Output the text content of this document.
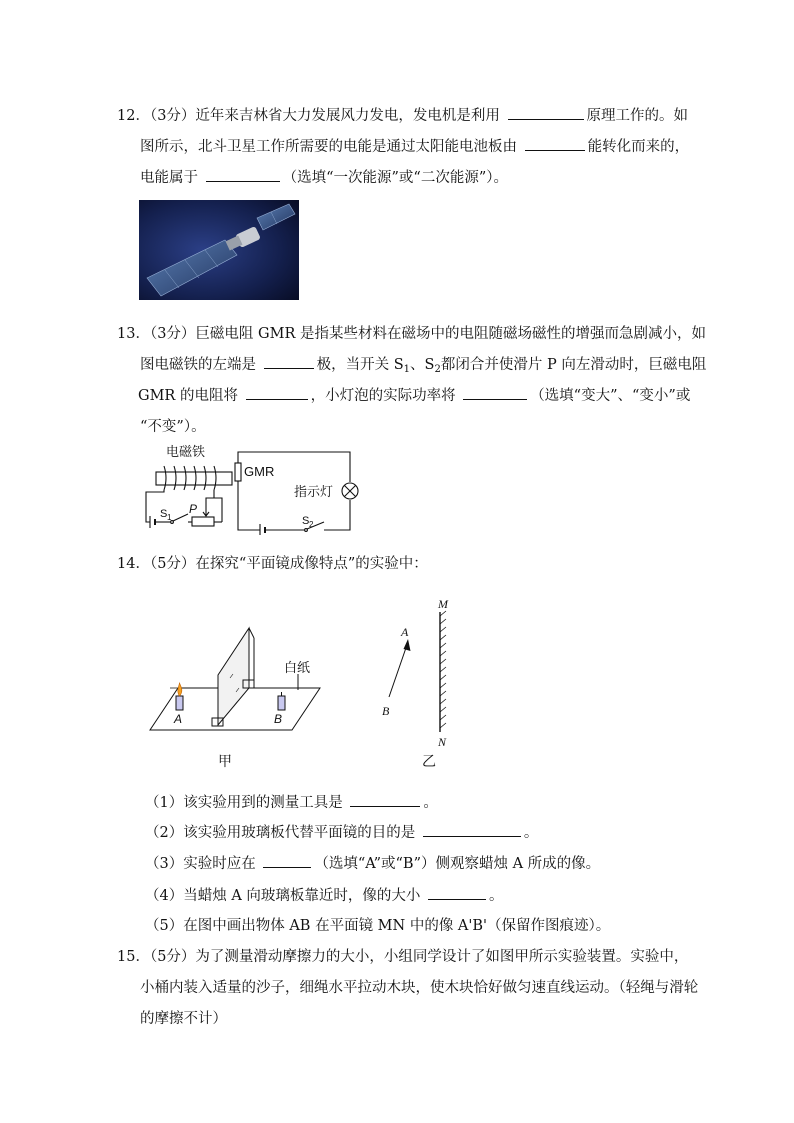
12．（3分）近年来吉林省大力发展风力发电，发电机是利用	原理工作的。如
图所示，北斗卫星工作所需要的电能是通过太阳能电池板由	能转化而来的，
电能属于	（选填“一次能源”或“二次能源”）。
13．（3分）巨磁电阻 GMR 是指某些材料在磁场中的电阻随磁场磁性的增强而急剧减小，如
图电磁铁的左端是	极，当开关 $S_1$、$S_2$都闭合并使滑片 P 向左滑动时，巨磁电阻
GMR 的电阻将	，小灯泡的实际功率将	（选填“变大”、“变小”或
“不变”）。
电磁铁
GMR
指示灯
S 1
P
S 2
14．（5分）在探究“平面镜成像特点”的实验中：
白纸
A	B
甲
M
N
A
B
乙
（1）该实验用到的测量工具是	。
（2）该实验用玻璃板代替平面镜的目的是	。
（3）实验时应在	（选填“A”或“B”）侧观察蜡烛 A 所成的像。
（4）当蜡烛 A 向玻璃板靠近时，像的大小	。
（5）在图中画出物体 AB 在平面镜 MN 中的像 A'B'（保留作图痕迹）。
15．（5分）为了测量滑动摩擦力的大小，小组同学设计了如图甲所示实验装置。实验中，
小桶内装入适量的沙子，细绳水平拉动木块，使木块恰好做匀速直线运动。（轻绳与滑轮
的摩擦不计）
